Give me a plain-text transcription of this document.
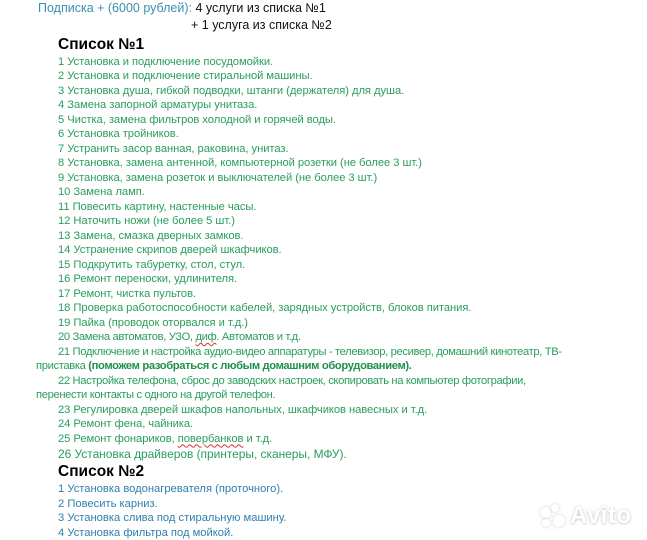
Подписка + (6000 рублей): 4 услуги из списка №1
+ 1 услуга из списка №2
Список №1
1 Установка и подключение посудомойки.
2 Установка и подключение стиральной машины.
3 Установка душа, гибкой подводки, штанги (держателя) для душа.
4 Замена запорной арматуры унитаза.
5 Чистка, замена фильтров холодной и горячей воды.
6 Установка тройников.
7 Устранить засор ванная, раковина, унитаз.
8 Установка, замена антенной, компьютерной розетки (не более 3 шт.)
9 Установка, замена розеток и выключателей (не более 3 шт.)
10 Замена ламп.
11 Повесить картину, настенные часы.
12 Наточить ножи (не более 5 шт.)
13 Замена, смазка дверных замков.
14 Устранение скрипов дверей шкафчиков.
15 Подкрутить табуретку, стол, стул.
16 Ремонт переноски, удлинителя.
17 Ремонт, чистка пультов.
18 Проверка работоспособности кабелей, зарядных устройств, блоков питания.
19 Пайка (проводок оторвался и т.д.)
20 Замена автоматов, УЗО, диф. Автоматов и т.д.
21 Подключение и настройка аудио-видео аппаратуры - телевизор, ресивер, домашний кинотеатр, ТВ-
приставка (поможем разобраться с любым домашним оборудованием).
22 Настройка телефона, сброс до заводских настроек, скопировать на компьютер фотографии,
перенести контакты с одного на другой телефон.
23 Регулировка дверей шкафов напольных, шкафчиков навесных и т.д.
24 Ремонт фена, чайника.
25 Ремонт фонариков, повербанков и т.д.
26 Установка драйверов (принтеры, сканеры, МФУ).
Список №2
1 Установка водонагревателя (проточного).
2 Повесить карниз.
3 Установка слива под стиральную машину.
4 Установка фильтра под мойкой.
Avito
